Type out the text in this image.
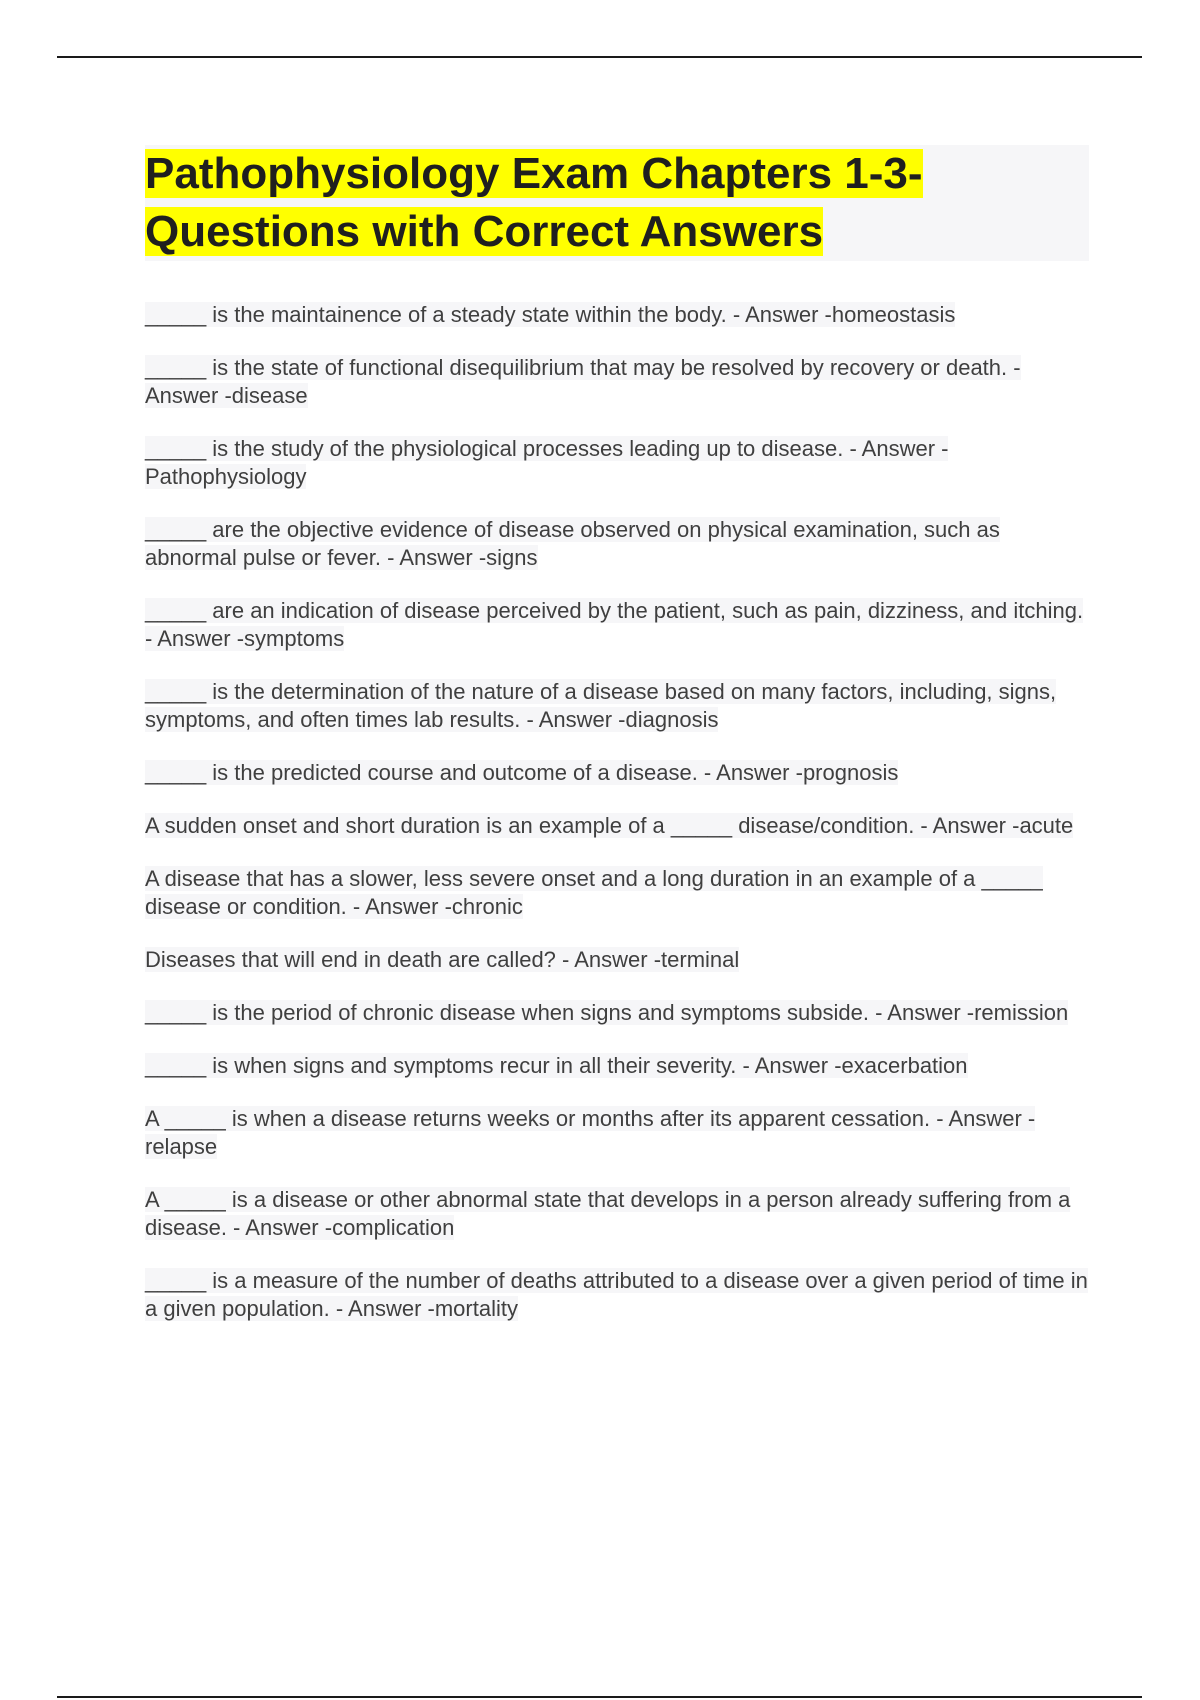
Pathophysiology Exam Chapters 1-3- Questions with Correct Answers

_____ is the maintainence of a steady state within the body. - Answer -homeostasis

_____ is the state of functional disequilibrium that may be resolved by recovery or death. - Answer -disease

_____ is the study of the physiological processes leading up to disease. - Answer -Pathophysiology

_____ are the objective evidence of disease observed on physical examination, such as abnormal pulse or fever. - Answer -signs

_____ are an indication of disease perceived by the patient, such as pain, dizziness, and itching. - Answer -symptoms

_____ is the determination of the nature of a disease based on many factors, including, signs, symptoms, and often times lab results. - Answer -diagnosis

_____ is the predicted course and outcome of a disease. - Answer -prognosis

A sudden onset and short duration is an example of a _____ disease/condition. - Answer -acute

A disease that has a slower, less severe onset and a long duration in an example of a _____ disease or condition. - Answer -chronic

Diseases that will end in death are called? - Answer -terminal

_____ is the period of chronic disease when signs and symptoms subside. - Answer -remission

_____ is when signs and symptoms recur in all their severity. - Answer -exacerbation

A _____ is when a disease returns weeks or months after its apparent cessation. - Answer -relapse

A _____ is a disease or other abnormal state that develops in a person already suffering from a disease. - Answer -complication

_____ is a measure of the number of deaths attributed to a disease over a given period of time in a given population. - Answer -mortality
